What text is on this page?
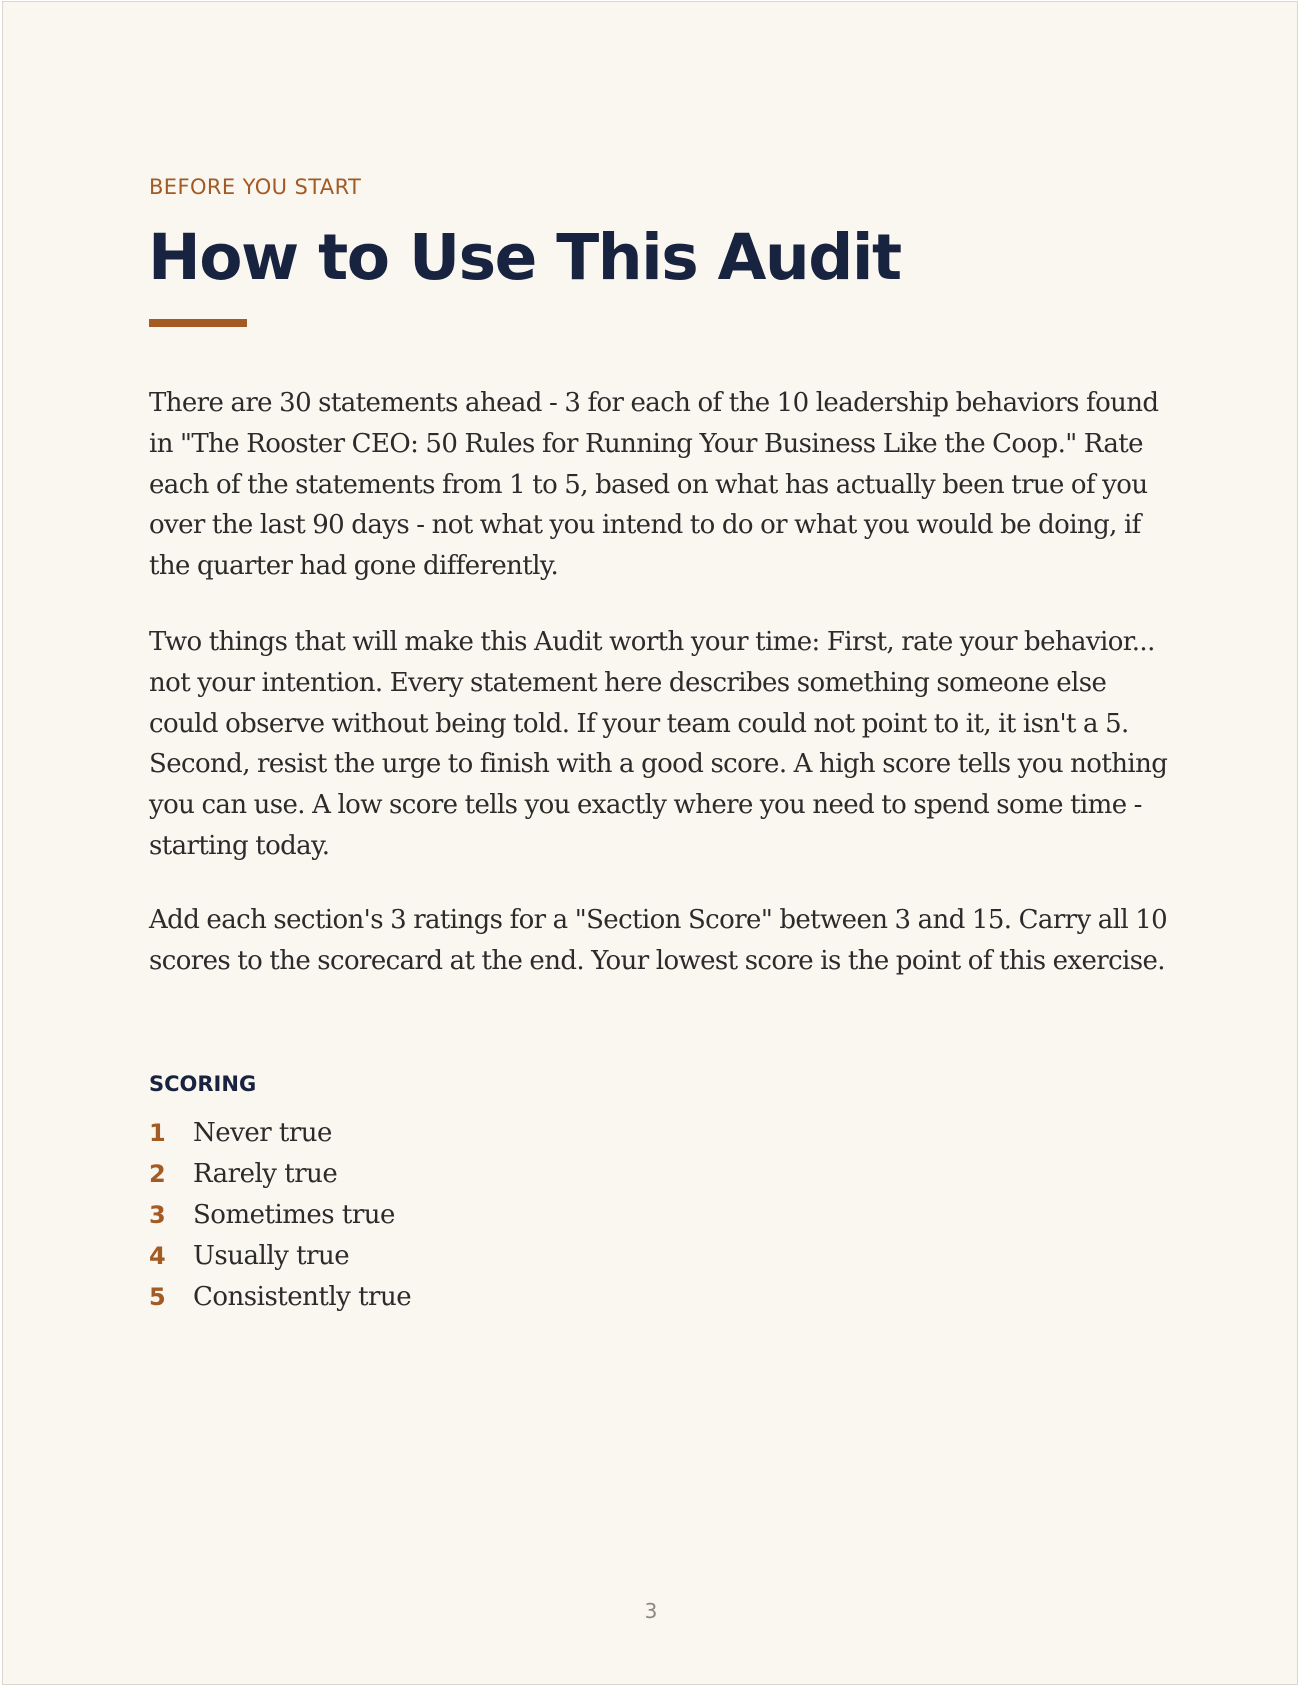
BEFORE YOU START
How to Use This Audit

There are 30 statements ahead - 3 for each of the 10 leadership behaviors found in "The Rooster CEO: 50 Rules for Running Your Business Like the Coop." Rate each of the statements from 1 to 5, based on what has actually been true of you over the last 90 days - not what you intend to do or what you would be doing, if the quarter had gone differently.

Two things that will make this Audit worth your time: First, rate your behavior... not your intention. Every statement here describes something someone else could observe without being told. If your team could not point to it, it isn't a 5. Second, resist the urge to finish with a good score. A high score tells you nothing you can use. A low score tells you exactly where you need to spend some time - starting today.

Add each section's 3 ratings for a "Section Score" between 3 and 15. Carry all 10 scores to the scorecard at the end. Your lowest score is the point of this exercise.

SCORING
1	Never true
2	Rarely true
3	Sometimes true
4	Usually true
5	Consistently true
3
